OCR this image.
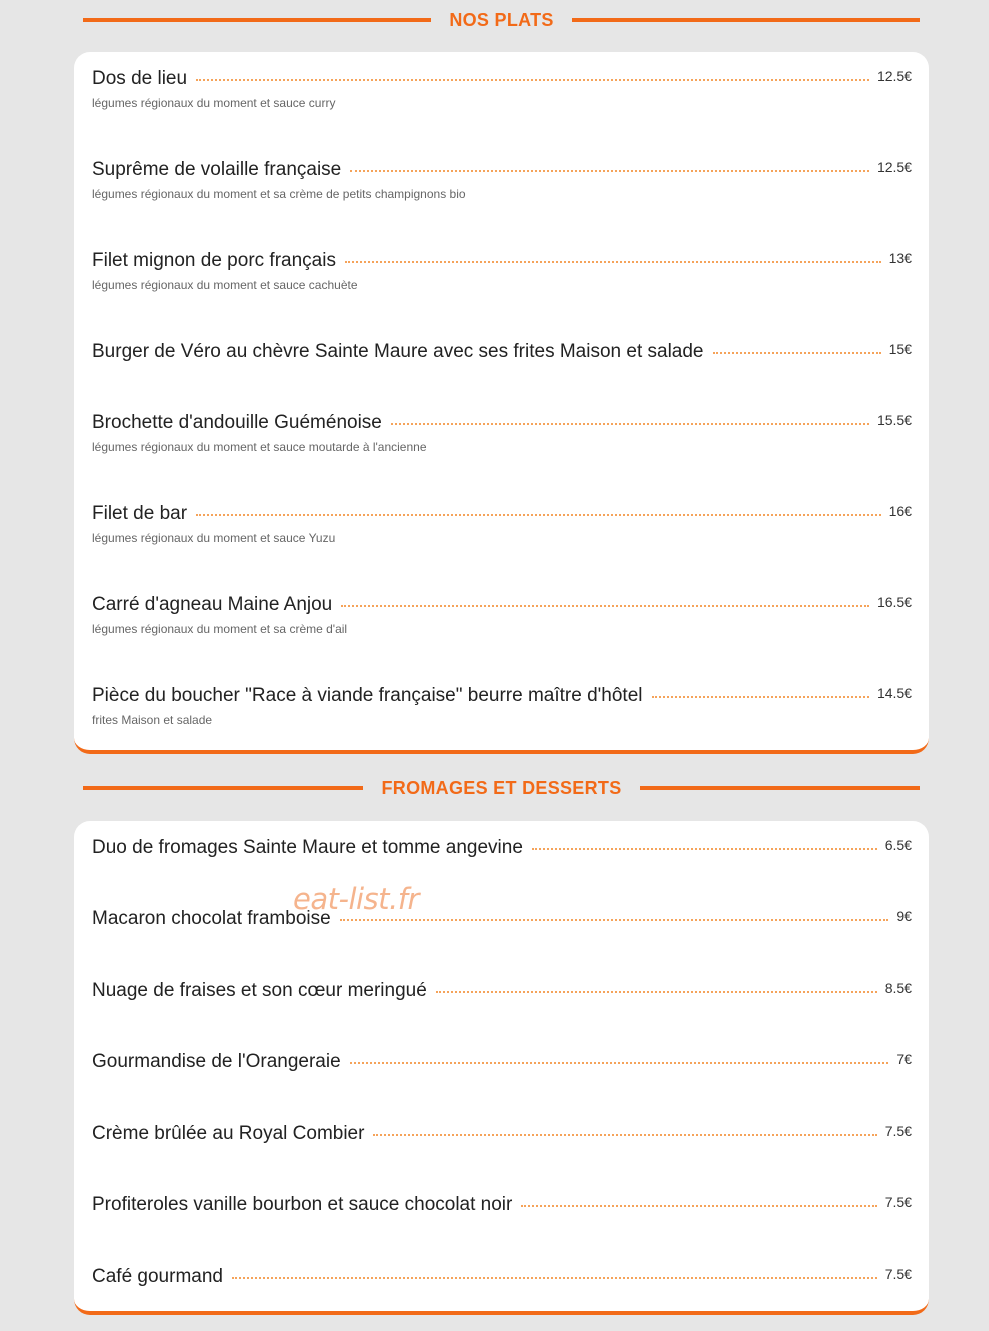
NOS PLATS
Dos de lieu	12.5€
légumes régionaux du moment et sauce curry
Suprême de volaille française	12.5€
légumes régionaux du moment et sa crème de petits champignons bio
Filet mignon de porc français	13€
légumes régionaux du moment et sauce cachuète
Burger de Véro au chèvre Sainte Maure avec ses frites Maison et salade	15€
Brochette d'andouille Guéménoise	15.5€
légumes régionaux du moment et sauce moutarde à l'ancienne
Filet de bar	16€
légumes régionaux du moment et sauce Yuzu
Carré d'agneau Maine Anjou	16.5€
légumes régionaux du moment et sa crème d'ail
Pièce du boucher "Race à viande française" beurre maître d'hôtel	14.5€
frites Maison et salade
FROMAGES ET DESSERTS
Duo de fromages Sainte Maure et tomme angevine	6.5€
Macaron chocolat framboise	9€
Nuage de fraises et son cœur meringué	8.5€
Gourmandise de l'Orangeraie	7€
Crème brûlée au Royal Combier	7.5€
Profiteroles vanille bourbon et sauce chocolat noir	7.5€
Café gourmand	7.5€
eat-list.fr
